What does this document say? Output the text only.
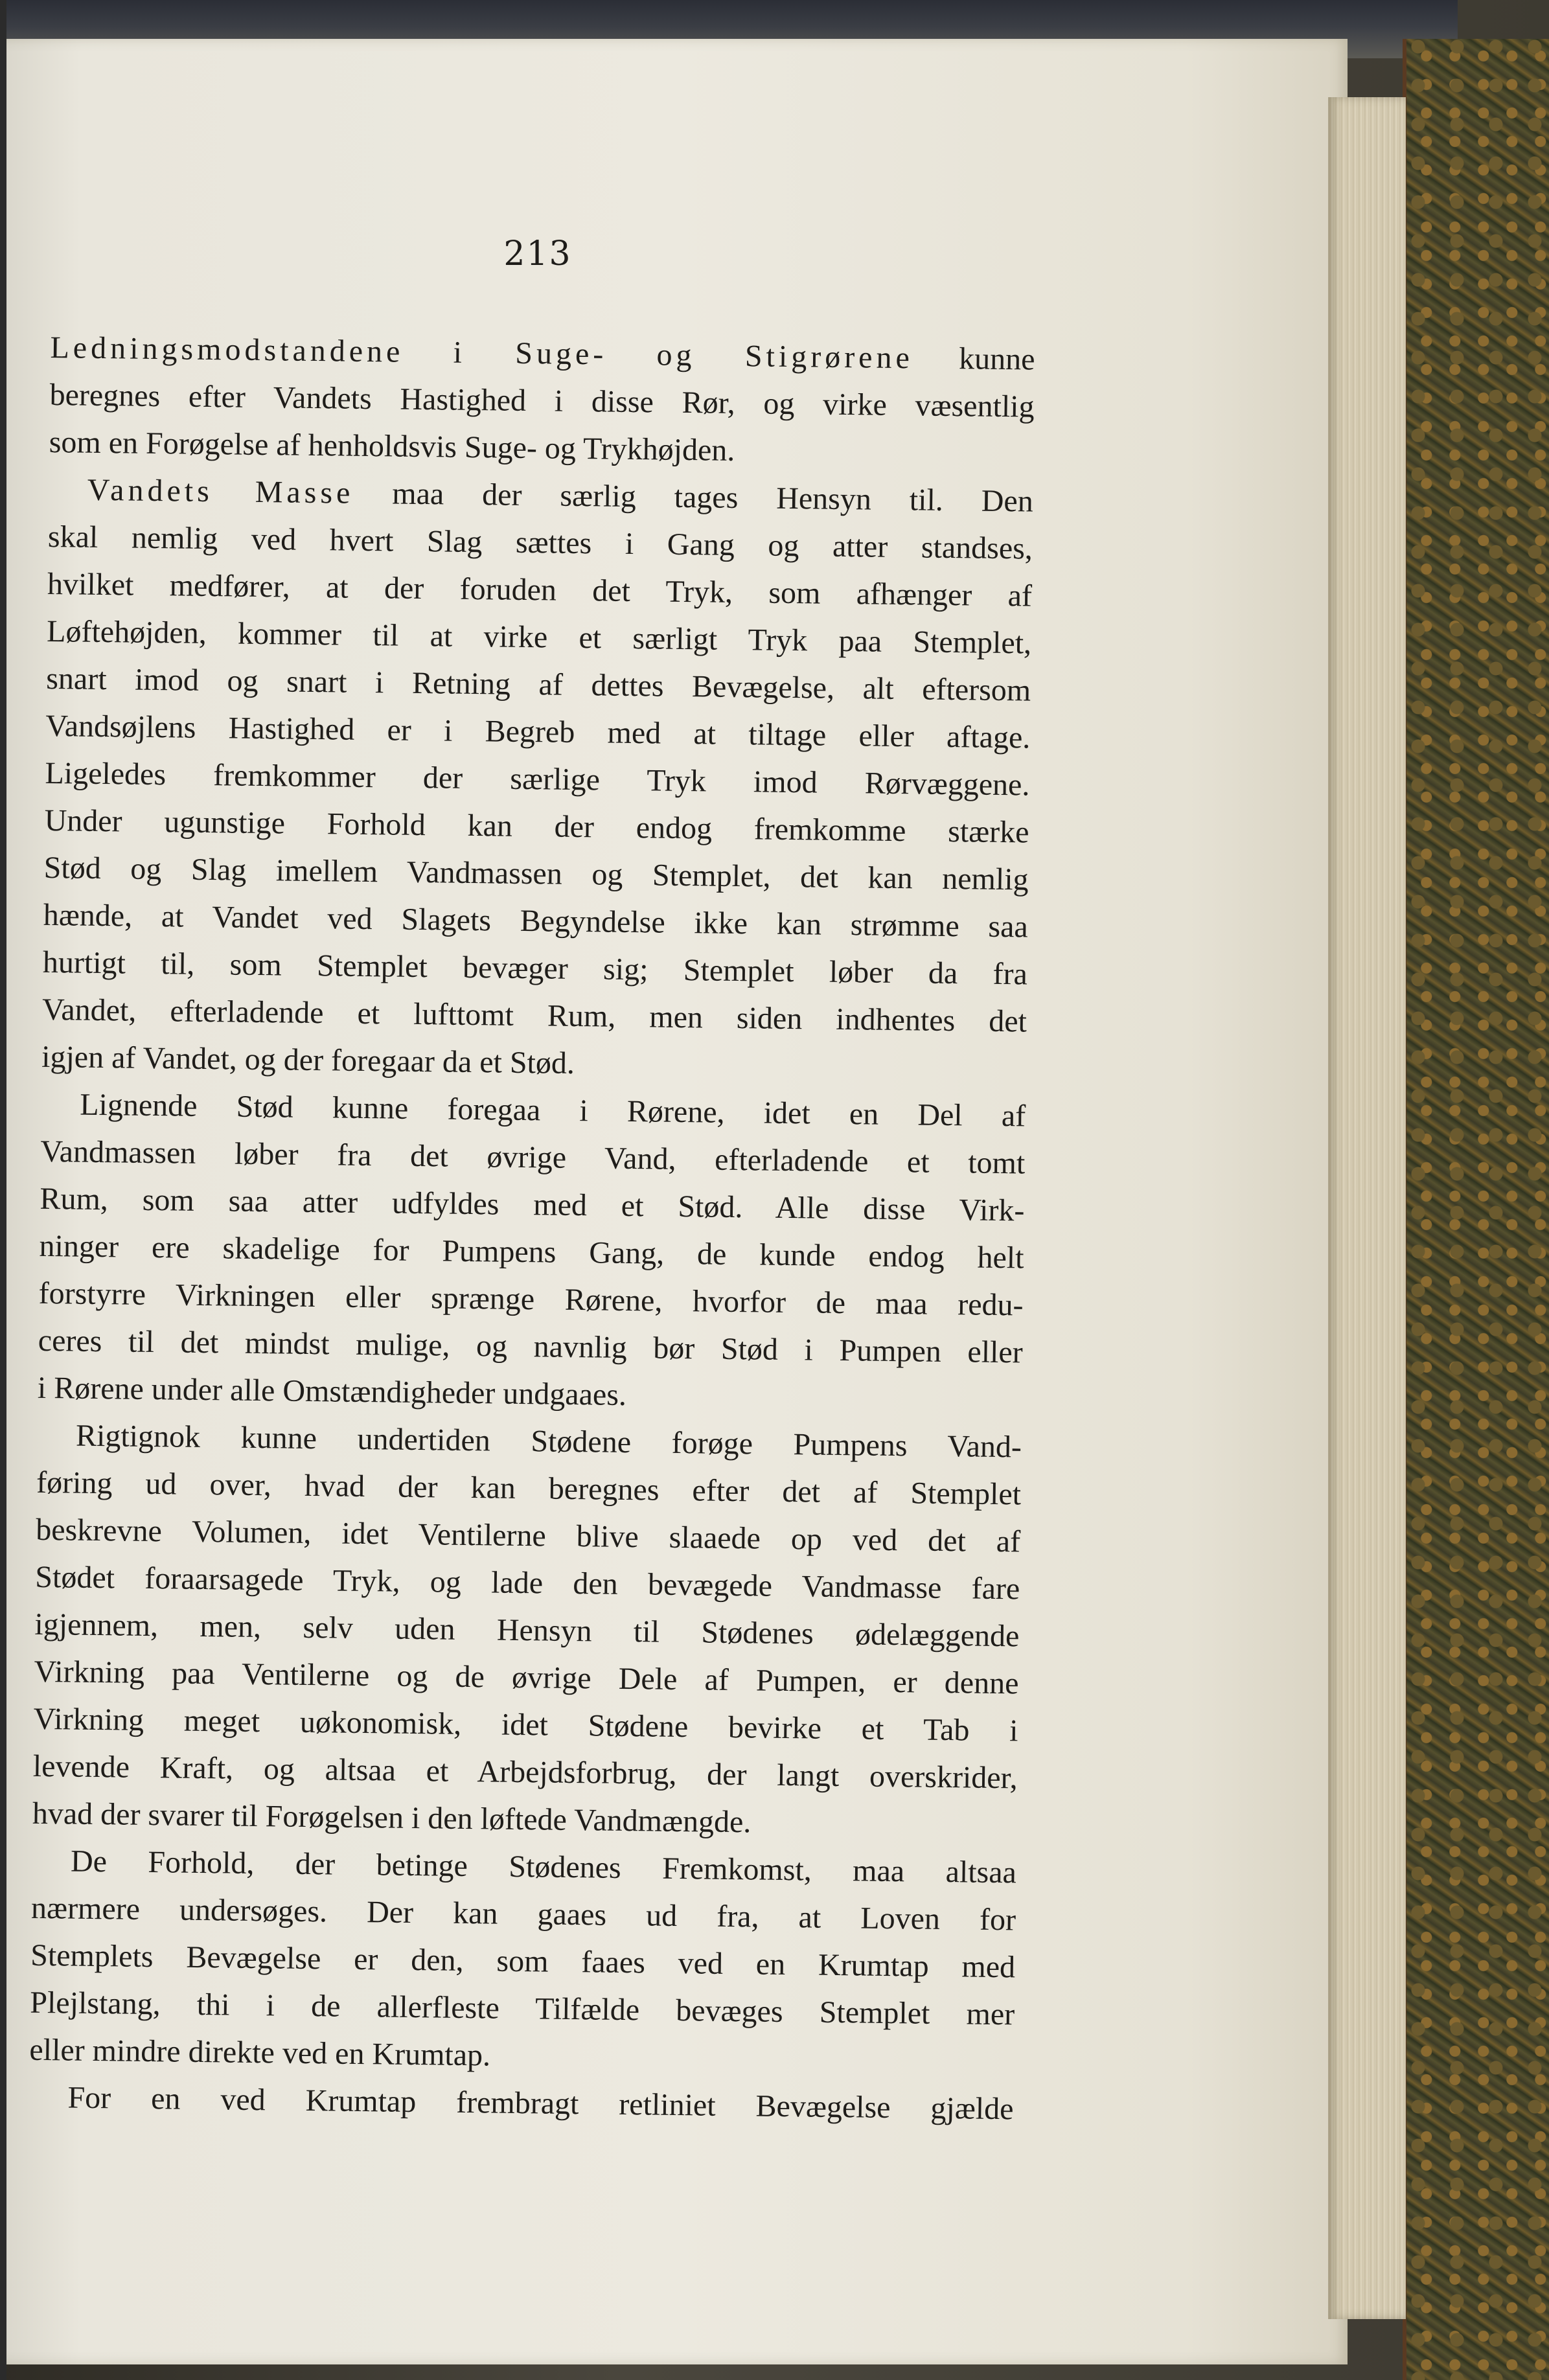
213
Ledningsmodstandene i Suge- og Stigrørene kunne
beregnes efter Vandets Hastighed i disse Rør, og virke væsentlig
som en Forøgelse af henholdsvis Suge- og Trykhøjden.
Vandets Masse maa der særlig tages Hensyn til. Den
skal nemlig ved hvert Slag sættes i Gang og atter standses,
hvilket medfører, at der foruden det Tryk, som afhænger af
Løftehøjden, kommer til at virke et særligt Tryk paa Stemplet,
snart imod og snart i Retning af dettes Bevægelse, alt eftersom
Vandsøjlens Hastighed er i Begreb med at tiltage eller aftage.
Ligeledes fremkommer der særlige Tryk imod Rørvæggene.
Under ugunstige Forhold kan der endog fremkomme stærke
Stød og Slag imellem Vandmassen og Stemplet, det kan nemlig
hænde, at Vandet ved Slagets Begyndelse ikke kan strømme saa
hurtigt til, som Stemplet bevæger sig; Stemplet løber da fra
Vandet, efterladende et lufttomt Rum, men siden indhentes det
igjen af Vandet, og der foregaar da et Stød.
Lignende Stød kunne foregaa i Rørene, idet en Del af
Vandmassen løber fra det øvrige Vand, efterladende et tomt
Rum, som saa atter udfyldes med et Stød. Alle disse Virk-
ninger ere skadelige for Pumpens Gang, de kunde endog helt
forstyrre Virkningen eller sprænge Rørene, hvorfor de maa redu-
ceres til det mindst mulige, og navnlig bør Stød i Pumpen eller
i Rørene under alle Omstændigheder undgaaes.
Rigtignok kunne undertiden Stødene forøge Pumpens Vand-
føring ud over, hvad der kan beregnes efter det af Stemplet
beskrevne Volumen, idet Ventilerne blive slaaede op ved det af
Stødet foraarsagede Tryk, og lade den bevægede Vandmasse fare
igjennem, men, selv uden Hensyn til Stødenes ødelæggende
Virkning paa Ventilerne og de øvrige Dele af Pumpen, er denne
Virkning meget uøkonomisk, idet Stødene bevirke et Tab i
levende Kraft, og altsaa et Arbejdsforbrug, der langt overskrider,
hvad der svarer til Forøgelsen i den løftede Vandmængde.
De Forhold, der betinge Stødenes Fremkomst, maa altsaa
nærmere undersøges. Der kan gaaes ud fra, at Loven for
Stemplets Bevægelse er den, som faaes ved en Krumtap med
Plejlstang, thi i de allerfleste Tilfælde bevæges Stemplet mer
eller mindre direkte ved en Krumtap.
For en ved Krumtap frembragt retliniet Bevægelse gjælde
